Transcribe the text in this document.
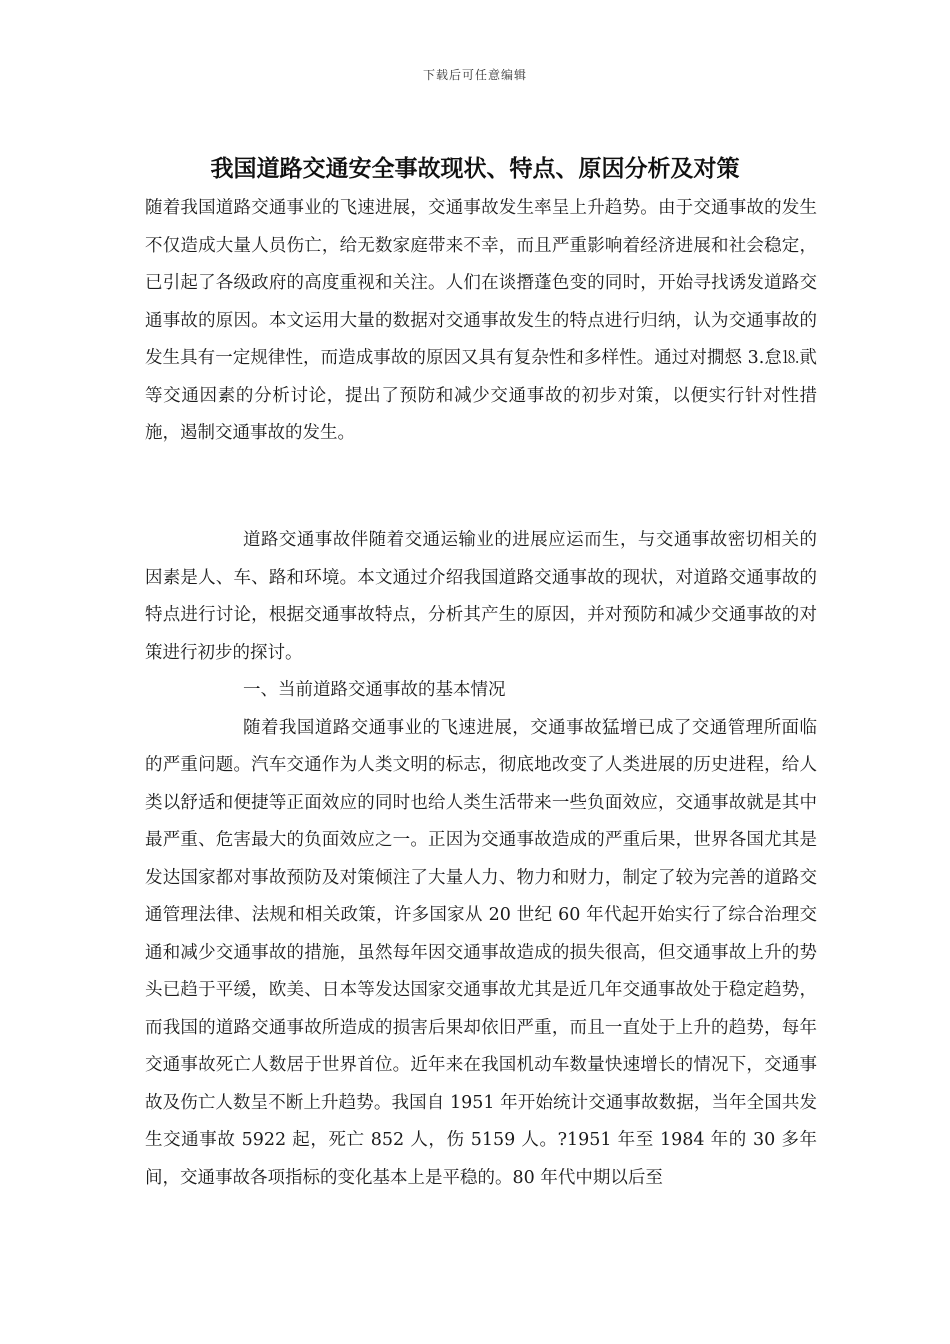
下载后可任意编辑
我国道路交通安全事故现状、特点、原因分析及对策

随着我国道路交通事业的飞速进展，交通事故发生率呈上升趋势。由于交通事故的发生不仅造成大量人员伤亡，给无数家庭带来不幸，而且严重影响着经济进展和社会稳定，已引起了各级政府的高度重视和关注。人们在谈撍蓬色变的同时，开始寻找诱发道路交通事故的原因。本文运用大量的数据对交通事故发生的特点进行归纳，认为交通事故的发生具有一定规律性，而造成事故的原因又具有复杂性和多样性。通过对撊惄 3.怠⒙貮　等交通因素的分析讨论，提出了预防和减少交通事故的初步对策，以便实行针对性措施，遏制交通事故的发生。

道路交通事故伴随着交通运输业的进展应运而生，与交通事故密切相关的因素是人、车、路和环境。本文通过介绍我国道路交通事故的现状，对道路交通事故的特点进行讨论，根据交通事故特点，分析其产生的原因，并对预防和减少交通事故的对策进行初步的探讨。

一、当前道路交通事故的基本情况

随着我国道路交通事业的飞速进展，交通事故猛增已成了交通管理所面临的严重问题。汽车交通作为人类文明的标志，彻底地改变了人类进展的历史进程，给人类以舒适和便捷等正面效应的同时也给人类生活带来一些负面效应，交通事故就是其中最严重、危害最大的负面效应之一。正因为交通事故造成的严重后果，世界各国尤其是发达国家都对事故预防及对策倾注了大量人力、物力和财力，制定了较为完善的道路交通管理法律、法规和相关政策，许多国家从 20 世纪 60 年代起开始实行了综合治理交通和减少交通事故的措施，虽然每年因交通事故造成的损失很高，但交通事故上升的势头已趋于平缓，欧美、日本等发达国家交通事故尤其是近几年交通事故处于稳定趋势，而我国的道路交通事故所造成的损害后果却依旧严重，而且一直处于上升的趋势，每年交通事故死亡人数居于世界首位。近年来在我国机动车数量快速增长的情况下，交通事故及伤亡人数呈不断上升趋势。我国自 1951 年开始统计交通事故数据，当年全国共发生交通事故 5922 起，死亡 852 人，伤 5159 人。?1951 年至 1984 年的 30 多年间，交通事故各项指标的变化基本上是平稳的。80 年代中期以后至
